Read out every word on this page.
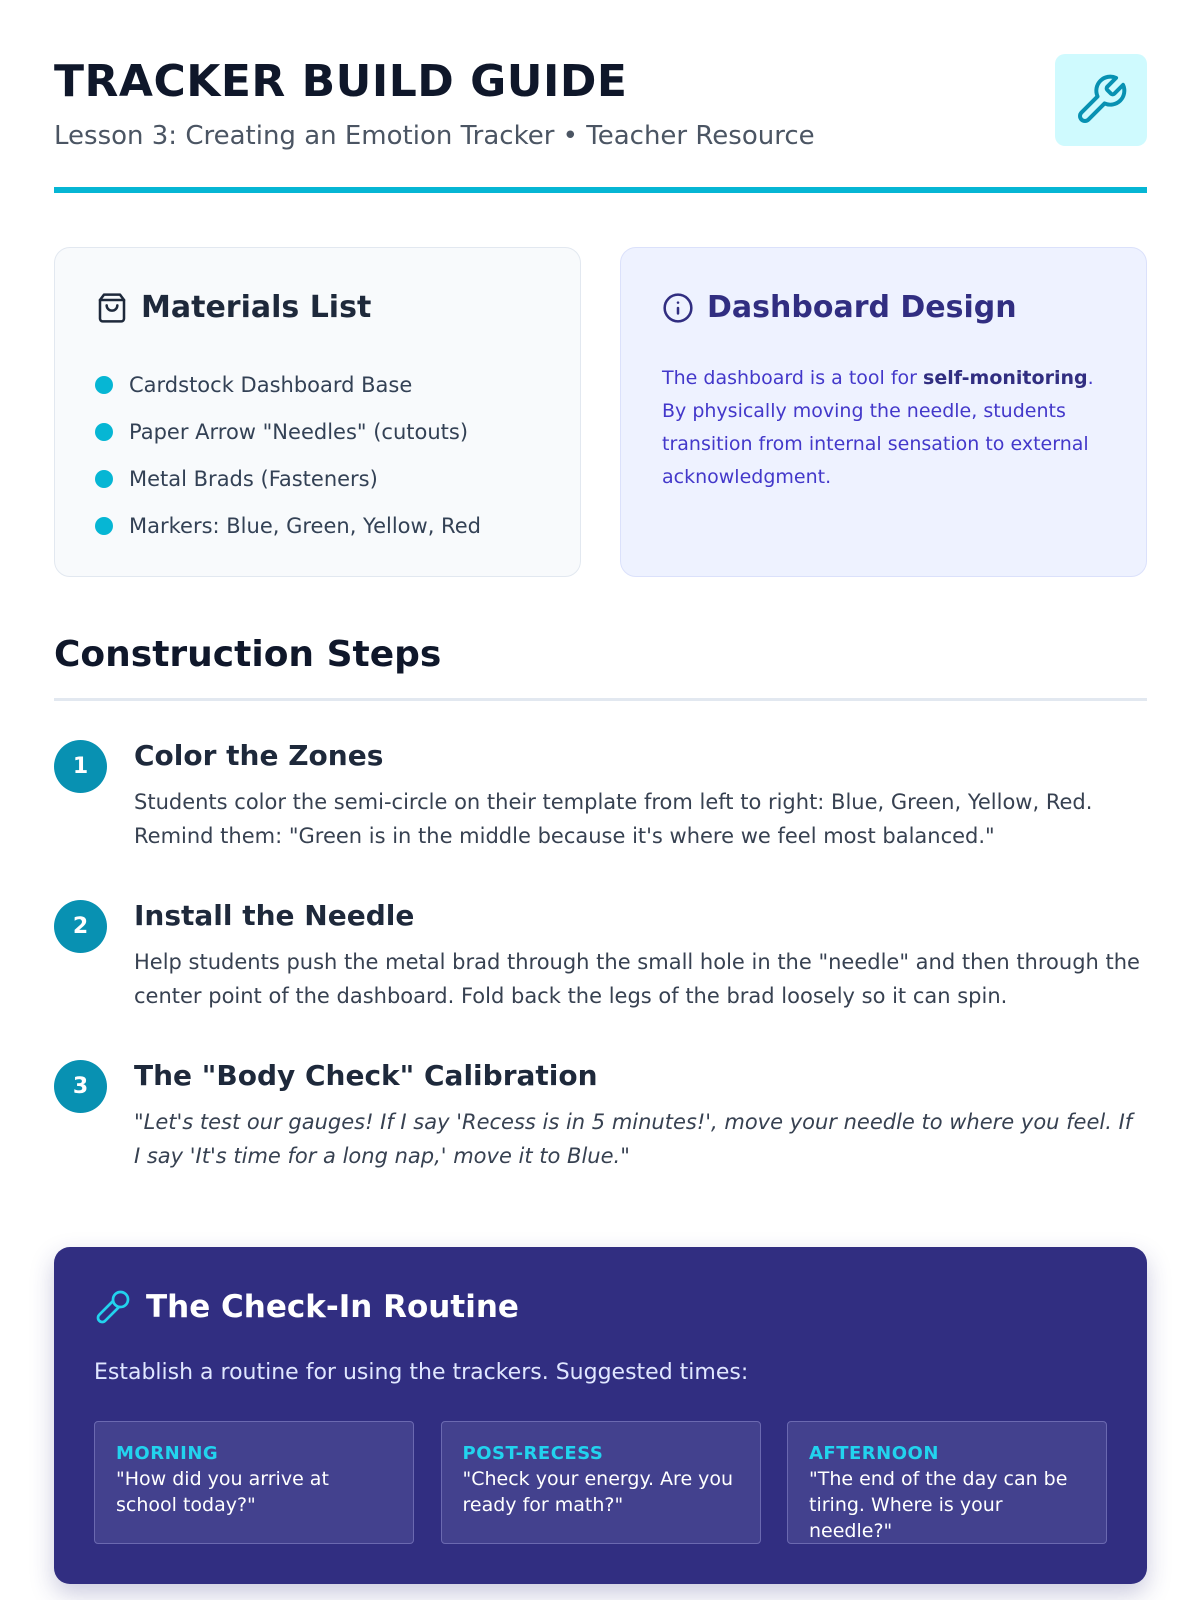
TRACKER BUILD GUIDE
Lesson 3: Creating an Emotion Tracker • Teacher Resource
Materials List
Cardstock Dashboard Base
Paper Arrow "Needles" (cutouts)
Metal Brads (Fasteners)
Markers: Blue, Green, Yellow, Red
Dashboard Design

The dashboard is a tool for self-monitoring. By physically moving the needle, students transition from internal sensation to external acknowledgment.

Construction Steps
1	Color the Zones

Students color the semi-circle on their template from left to right: Blue, Green, Yellow, Red. Remind them: "Green is in the middle because it's where we feel most balanced."

2	Install the Needle

Help students push the metal brad through the small hole in the "needle" and then through the center point of the dashboard. Fold back the legs of the brad loosely so it can spin.

3	The "Body Check" Calibration

"Let's test our gauges! If I say 'Recess is in 5 minutes!', move your needle to where you feel. If I say 'It's time for a long nap,' move it to Blue."

The Check-In Routine

Establish a routine for using the trackers. Suggested times:

MORNING
"How did you arrive at school today?"
POST-RECESS
"Check your energy. Are you ready for math?"
AFTERNOON
"The end of the day can be tiring. Where is your needle?"
